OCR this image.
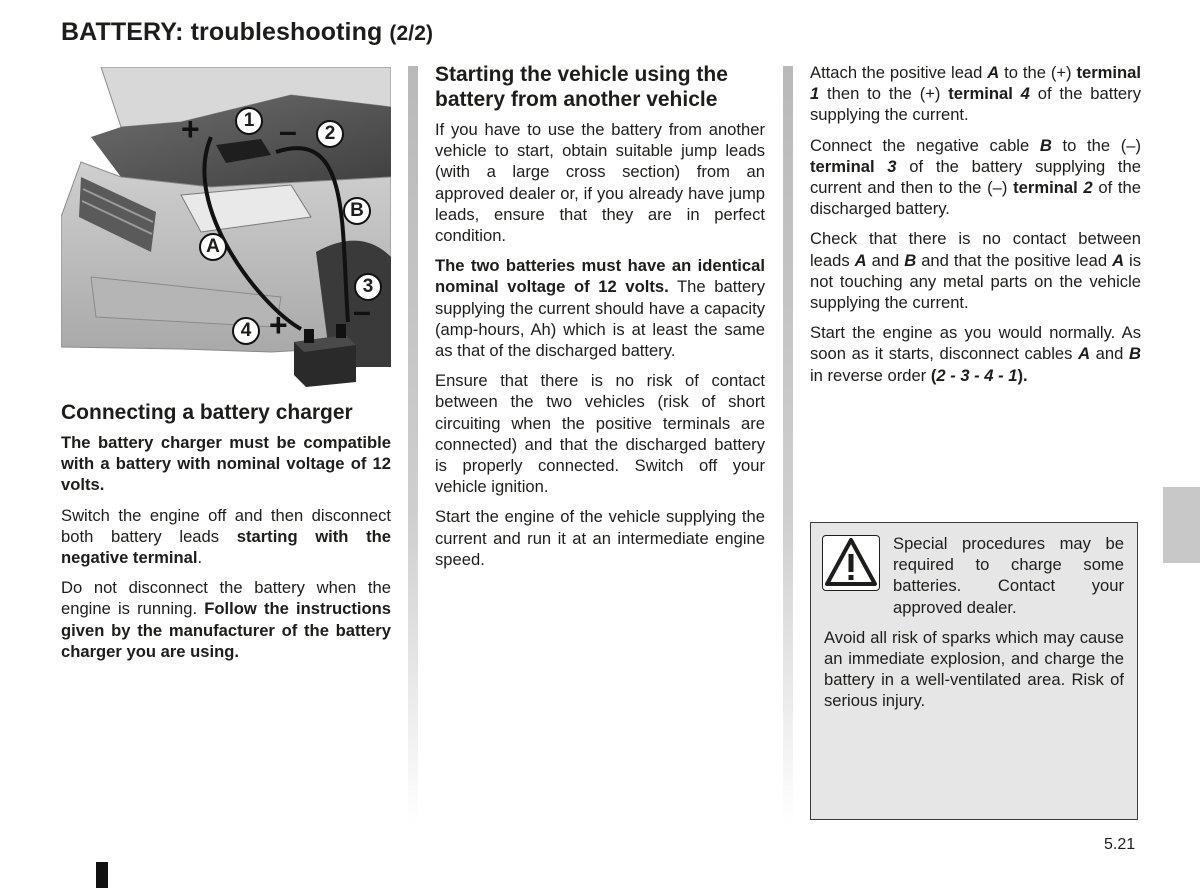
BATTERY: troubleshooting (2/2)
1
2
A
B
3
4
+ –
–
+
Connecting a battery charger

The battery charger must be compatible with a battery with nominal voltage of 12 volts.

Switch the engine off and then disconnect both battery leads starting with the negative terminal.

Do not disconnect the battery when the engine is running. Follow the instructions given by the manufacturer of the battery charger you are using.

Starting the vehicle using the battery from another vehicle

If you have to use the battery from another vehicle to start, obtain suitable jump leads (with a large cross section) from an approved dealer or, if you already have jump leads, ensure that they are in perfect condition.

The two batteries must have an identical nominal voltage of 12 volts. The battery supplying the current should have a capacity (amp-hours, Ah) which is at least the same as that of the discharged battery.

Ensure that there is no risk of contact between the two vehicles (risk of short circuiting when the positive terminals are connected) and that the discharged battery is properly connected. Switch off your vehicle ignition.

Start the engine of the vehicle supplying the current and run it at an intermediate engine speed.

Attach the positive lead A to the (+) terminal 1 then to the (+) terminal 4 of the battery supplying the current.

Connect the negative cable B to the (–) terminal 3 of the battery supplying the current and then to the (–) terminal 2 of the discharged battery.

Check that there is no contact between leads A and B and that the positive lead A is not touching any metal parts on the vehicle supplying the current.

Start the engine as you would normally. As soon as it starts, disconnect cables A and B in reverse order (2 - 3 - 4 - 1).

Special procedures may be required to charge some batteries. Contact your approved dealer.

Avoid all risk of sparks which may cause an immediate explosion, and charge the battery in a well-ventilated area. Risk of serious injury.

5.21
